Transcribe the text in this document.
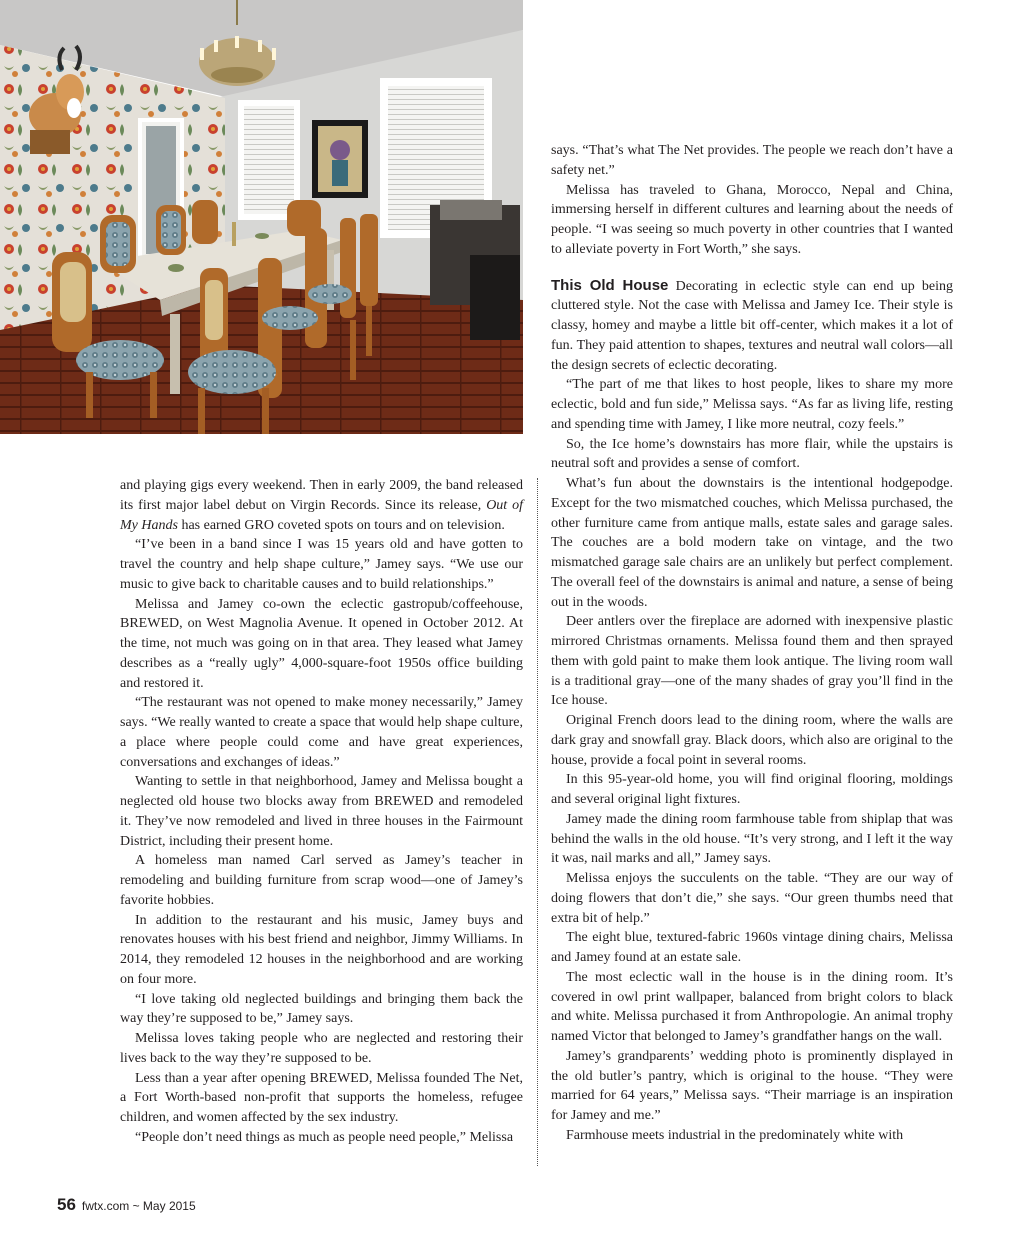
and playing gigs every weekend. Then in early 2009, the band released its first major label debut on Virgin Records. Since its release, Out of My Hands has earned GRO coveted spots on tours and on television.

“I’ve been in a band since I was 15 years old and have gotten to travel the country and help shape culture,” Jamey says. “We use our music to give back to charitable causes and to build relationships.”

Melissa and Jamey co-own the eclectic gastropub/coffeehouse, BREWED, on West Magnolia Avenue. It opened in October 2012. At the time, not much was going on in that area. They leased what Jamey describes as a “really ugly” 4,000-square-foot 1950s office building and restored it.

“The restaurant was not opened to make money necessarily,” Jamey says. “We really wanted to create a space that would help shape culture, a place where people could come and have great experiences, conversations and exchanges of ideas.”

Wanting to settle in that neighborhood, Jamey and Melissa bought a neglected old house two blocks away from BREWED and remodeled it. They’ve now remodeled and lived in three houses in the Fairmount District, including their present home.

A homeless man named Carl served as Jamey’s teacher in remodeling and building furniture from scrap wood—one of Jamey’s favorite hobbies.

In addition to the restaurant and his music, Jamey buys and renovates houses with his best friend and neighbor, Jimmy Williams. In 2014, they remodeled 12 houses in the neighborhood and are working on four more.

“I love taking old neglected buildings and bringing them back the way they’re supposed to be,” Jamey says.

Melissa loves taking people who are neglected and restoring their lives back to the way they’re supposed to be.

Less than a year after opening BREWED, Melissa founded The Net, a Fort Worth-based non-profit that supports the homeless, refugee children, and women affected by the sex industry.

“People don’t need things as much as people need people,” Melissa

says. “That’s what The Net provides. The people we reach don’t have a safety net.”

Melissa has traveled to Ghana, Morocco, Nepal and China, immersing herself in different cultures and learning about the needs of people. “I was seeing so much poverty in other countries that I wanted to alleviate poverty in Fort Worth,” she says.

This Old House Decorating in eclectic style can end up being cluttered style. Not the case with Melissa and Jamey Ice. Their style is classy, homey and maybe a little bit off-center, which makes it a lot of fun. They paid attention to shapes, textures and neutral wall colors—all the design secrets of eclectic decorating.

“The part of me that likes to host people, likes to share my more eclectic, bold and fun side,” Melissa says. “As far as living life, resting and spending time with Jamey, I like more neutral, cozy feels.”

So, the Ice home’s downstairs has more flair, while the upstairs is neutral soft and provides a sense of comfort.

What’s fun about the downstairs is the intentional hodgepodge. Except for the two mismatched couches, which Melissa purchased, the other furniture came from antique malls, estate sales and garage sales. The couches are a bold modern take on vintage, and the two mismatched garage sale chairs are an unlikely but perfect complement. The overall feel of the downstairs is animal and nature, a sense of being out in the woods.

Deer antlers over the fireplace are adorned with inexpensive plastic mirrored Christmas ornaments. Melissa found them and then sprayed them with gold paint to make them look antique. The living room wall is a traditional gray—one of the many shades of gray you’ll find in the Ice house.

Original French doors lead to the dining room, where the walls are dark gray and snowfall gray. Black doors, which also are original to the house, provide a focal point in several rooms.

In this 95-year-old home, you will find original flooring, moldings and several original light fixtures.

Jamey made the dining room farmhouse table from shiplap that was behind the walls in the old house. “It’s very strong, and I left it the way it was, nail marks and all,” Jamey says.

Melissa enjoys the succulents on the table. “They are our way of doing flowers that don’t die,” she says. “Our green thumbs need that extra bit of help.”

The eight blue, textured-fabric 1960s vintage dining chairs, Melissa and Jamey found at an estate sale.

The most eclectic wall in the house is in the dining room. It’s covered in owl print wallpaper, balanced from bright colors to black and white. Melissa purchased it from Anthropologie. An animal trophy named Victor that belonged to Jamey’s grandfather hangs on the wall.

Jamey’s grandparents’ wedding photo is prominently displayed in the old butler’s pantry, which is original to the house. “They were married for 64 years,” Melissa says. “Their marriage is an inspiration for Jamey and me.”

Farmhouse meets industrial in the predominately white with

56 fwtx.com ~ May 2015
